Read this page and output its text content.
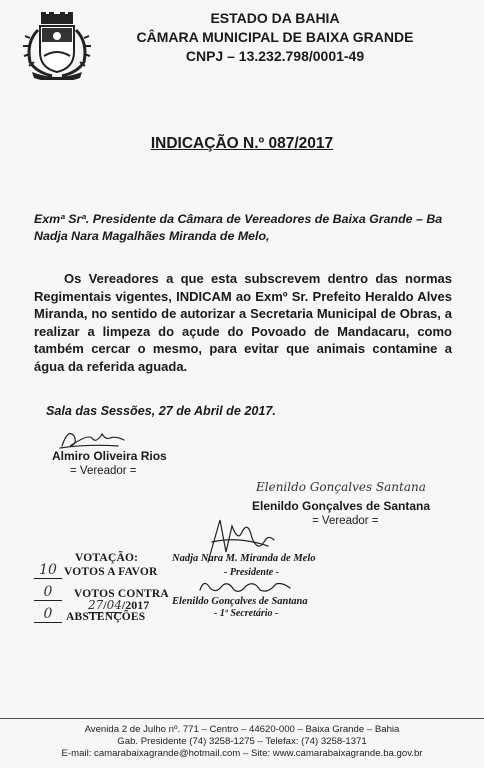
ESTADO DA BAHIA
CÂMARA MUNICIPAL DE BAIXA GRANDE
CNPJ – 13.232.798/0001-49
INDICAÇÃO N.º 087/2017
Exmª Srª. Presidente da Câmara de Vereadores de Baixa Grande – Ba
Nadja Nara Magalhães Miranda de Melo,
Os Vereadores a que esta subscrevem dentro das normas Regimentais vigentes, INDICAM ao Exmº Sr. Prefeito Heraldo Alves Miranda, no sentido de autorizar a Secretaria Municipal de Obras, a realizar a limpeza do açude do Povoado de Mandacaru, como também cercar o mesmo, para evitar que animais contamine a água da referida aguada.
Sala das Sessões, 27 de Abril de 2017.
Almiro Oliveira Rios
= Vereador =
Elenildo Gonçalves Santana
Elenildo Gonçalves de Santana
= Vereador =
VOTAÇÃO:
10 VOTOS A FAVOR
0	VOTOS CONTRA
27/04/2017
0	ABSTENÇÕES
Nadja Nara M. Miranda de Melo
- Presidente -
Elenildo Gonçalves de Santana
- 1º Secretário -
Avenida 2 de Julho nº. 771 – Centro – 44620-000 – Baixa Grande – Bahia
Gab. Presidente (74) 3258-1275 – Telefax: (74) 3258-1371
E-mail: camarabaixagrande@hotmail.com – Site: www.camarabaixagrande.ba.gov.br
